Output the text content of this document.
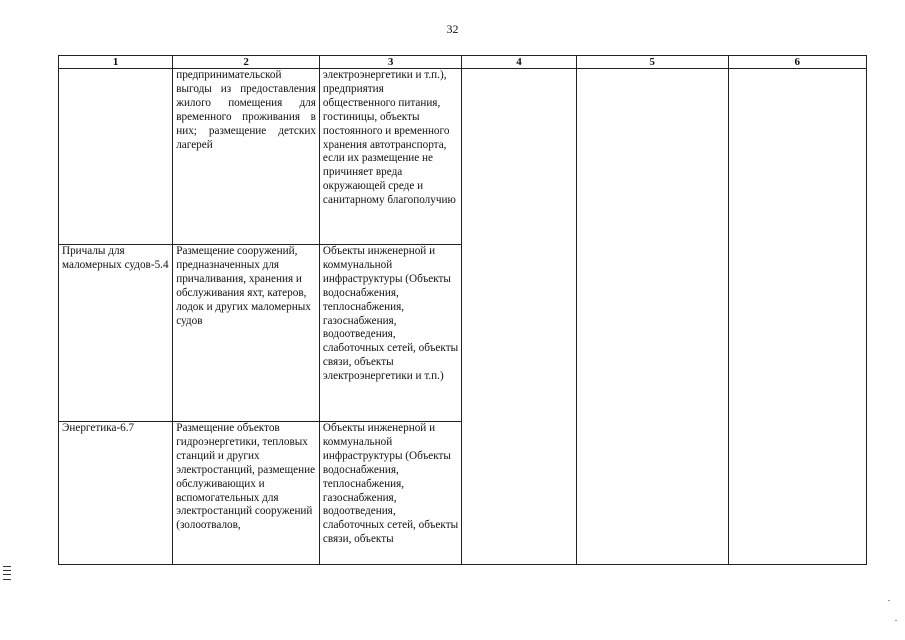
32
1	2	3	4	5	6
	предпринимательской выгоды из предоставления жилого помещения для временного проживания в них; размещение детских лагерей	электроэнергетики и т.п.), предприятия общественного питания, гостиницы, объекты постоянного и временного хранения автотранспорта, если их размещение не причиняет вреда окружающей среде и санитарному благополучию			
Причалы для маломерных судов-5.4	Размещение сооружений, предназначенных для причаливания, хранения и обслуживания яхт, катеров, лодок и других маломерных судов	Объекты инженерной и коммунальной инфраструктуры (Объекты водоснабжения, теплоснабжения, газоснабжения, водоотведения, слаботочных сетей, объекты связи, объекты электроэнергетики и т.п.)			
Энергетика-6.7	Размещение объектов гидроэнергетики, тепловых станций и других электростанций, размещение обслуживающих и вспомогательных для электростанций сооружений (золоотвалов,	Объекты инженерной и коммунальной инфраструктуры (Объекты водоснабжения, теплоснабжения, газоснабжения, водоотведения, слаботочных сетей, объекты связи, объекты			
